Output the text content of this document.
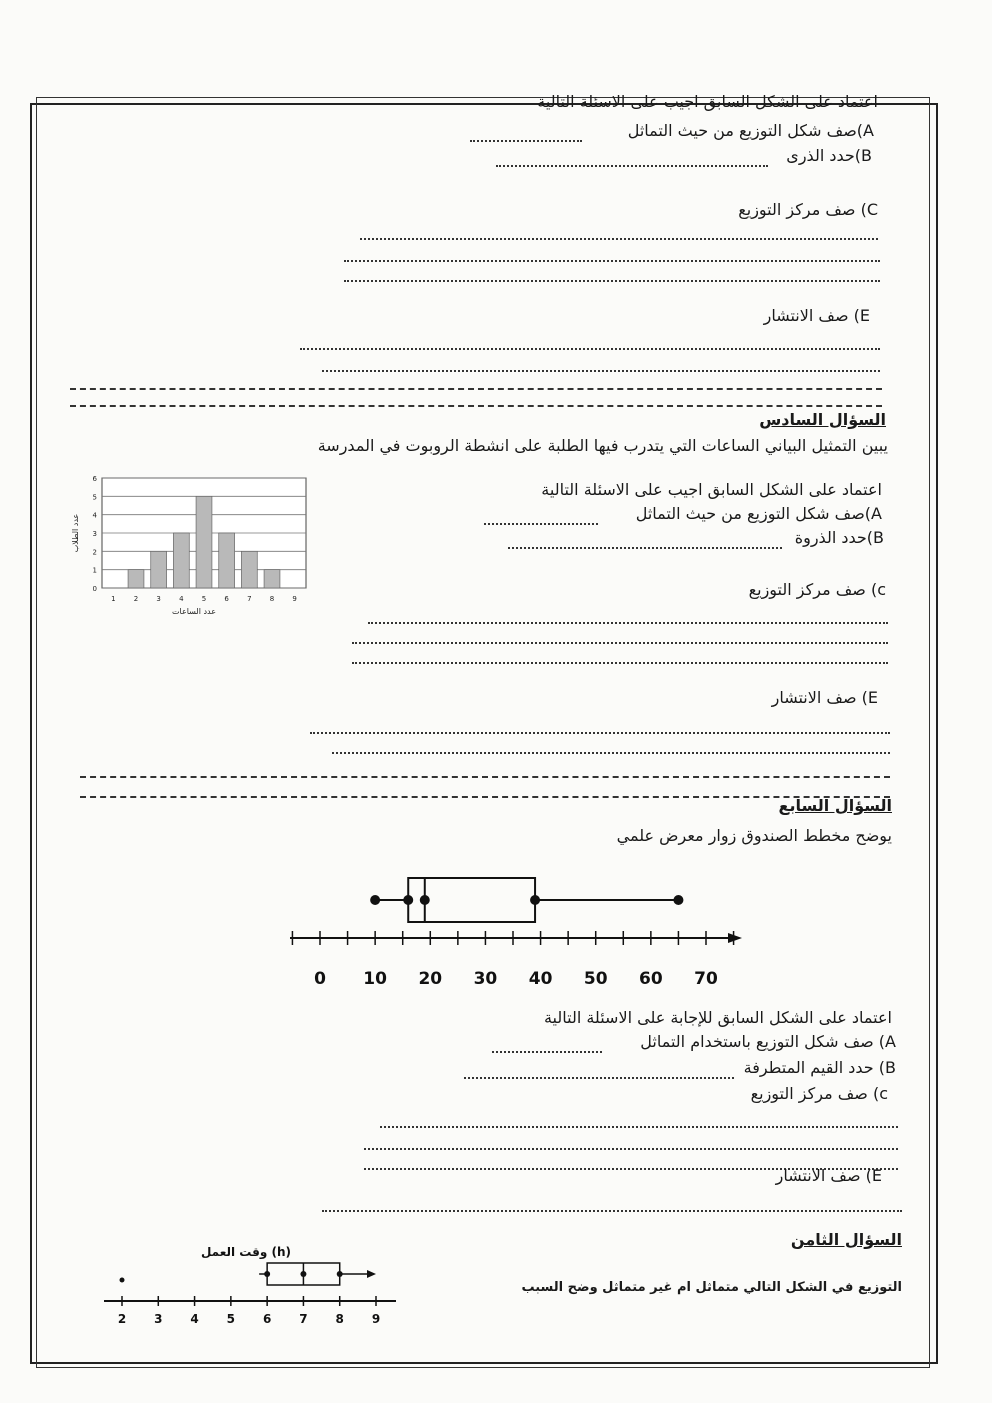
اعتماد على الشكل السابق اجيب على الاسئلة التالية
A)صف شكل التوزيع من حيث التماثل
B)حدد الذرى
C) صف مركز التوزيع
E) صف الانتشار
السؤال السادس
يبين التمثيل البياني الساعات التي يتدرب فيها الطلبة على انشطة الروبوت في المدرسة
اعتماد على الشكل السابق اجيب على الاسئلة التالية
A)صف شكل التوزيع من حيث التماثل
B)حدد الذروة
c) صف مركز التوزيع
E) صف الانتشار
0
1
2
3
4
5
6
1	2	3	4	5	6	7	8	9
عدد الساعات
عدد الطلاب
السؤال السابع
يوضح مخطط الصندوق زوار معرض علمي
0 10 20 30 40 50 60 70
اعتماد على الشكل السابق للإجابة على الاسئلة التالية
A) صف شكل التوزيع باستخدام التماثل
B) حدد القيم المتطرفة
c) صف مركز التوزيع
E) صف الانتشار
السؤال الثامن
التوزيع في الشكل التالي متماثل ام غير متماثل وضح السبب
وقت العمل (h)
2 3 4 5 6 7 8 9
